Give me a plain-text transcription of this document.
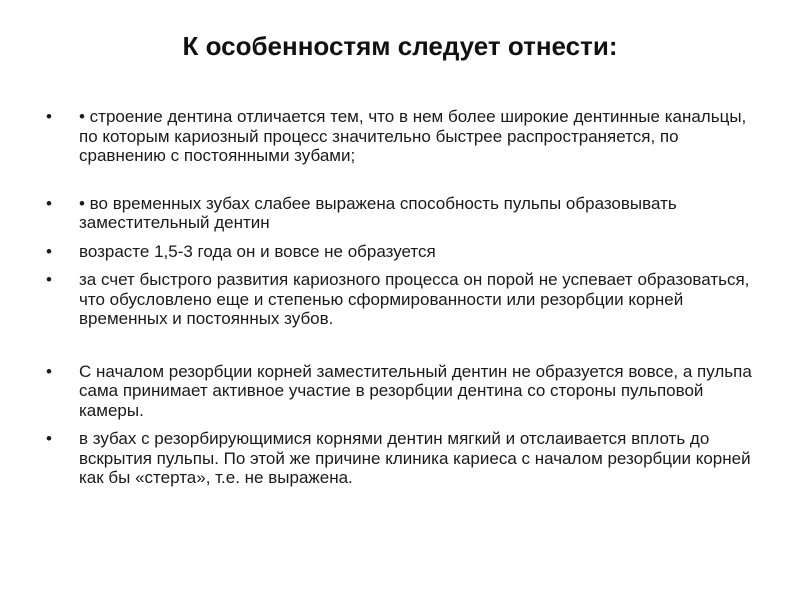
К особенностям следует отнести:
•	• строение дентина отличается тем, что в нем более широкие дентинные канальцы, по которым кариозный процесс значительно быстрее распространяется, по сравнению с постоянными зубами;
•	• во временных зубах слабее выражена способность пульпы образовывать заместительный дентин
•	возрасте 1,5-3 года он и вовсе не образуется
•	за счет быстрого развития кариозного процесса он порой не успевает образоваться, что обусловлено еще и степенью сформированности или резорбции корней временных и постоянных зубов.
•	С началом резорбции корней заместительный дентин не образуется вовсе, а пульпа сама принимает активное участие в резорбции дентина со стороны пульповой камеры.
•	в зубах с резорбирующимися корнями дентин мягкий и отслаивается вплоть до вскрытия пульпы. По этой же причине клиника кариеса с началом резорбции корней как бы «стерта», т.е. не выражена.
